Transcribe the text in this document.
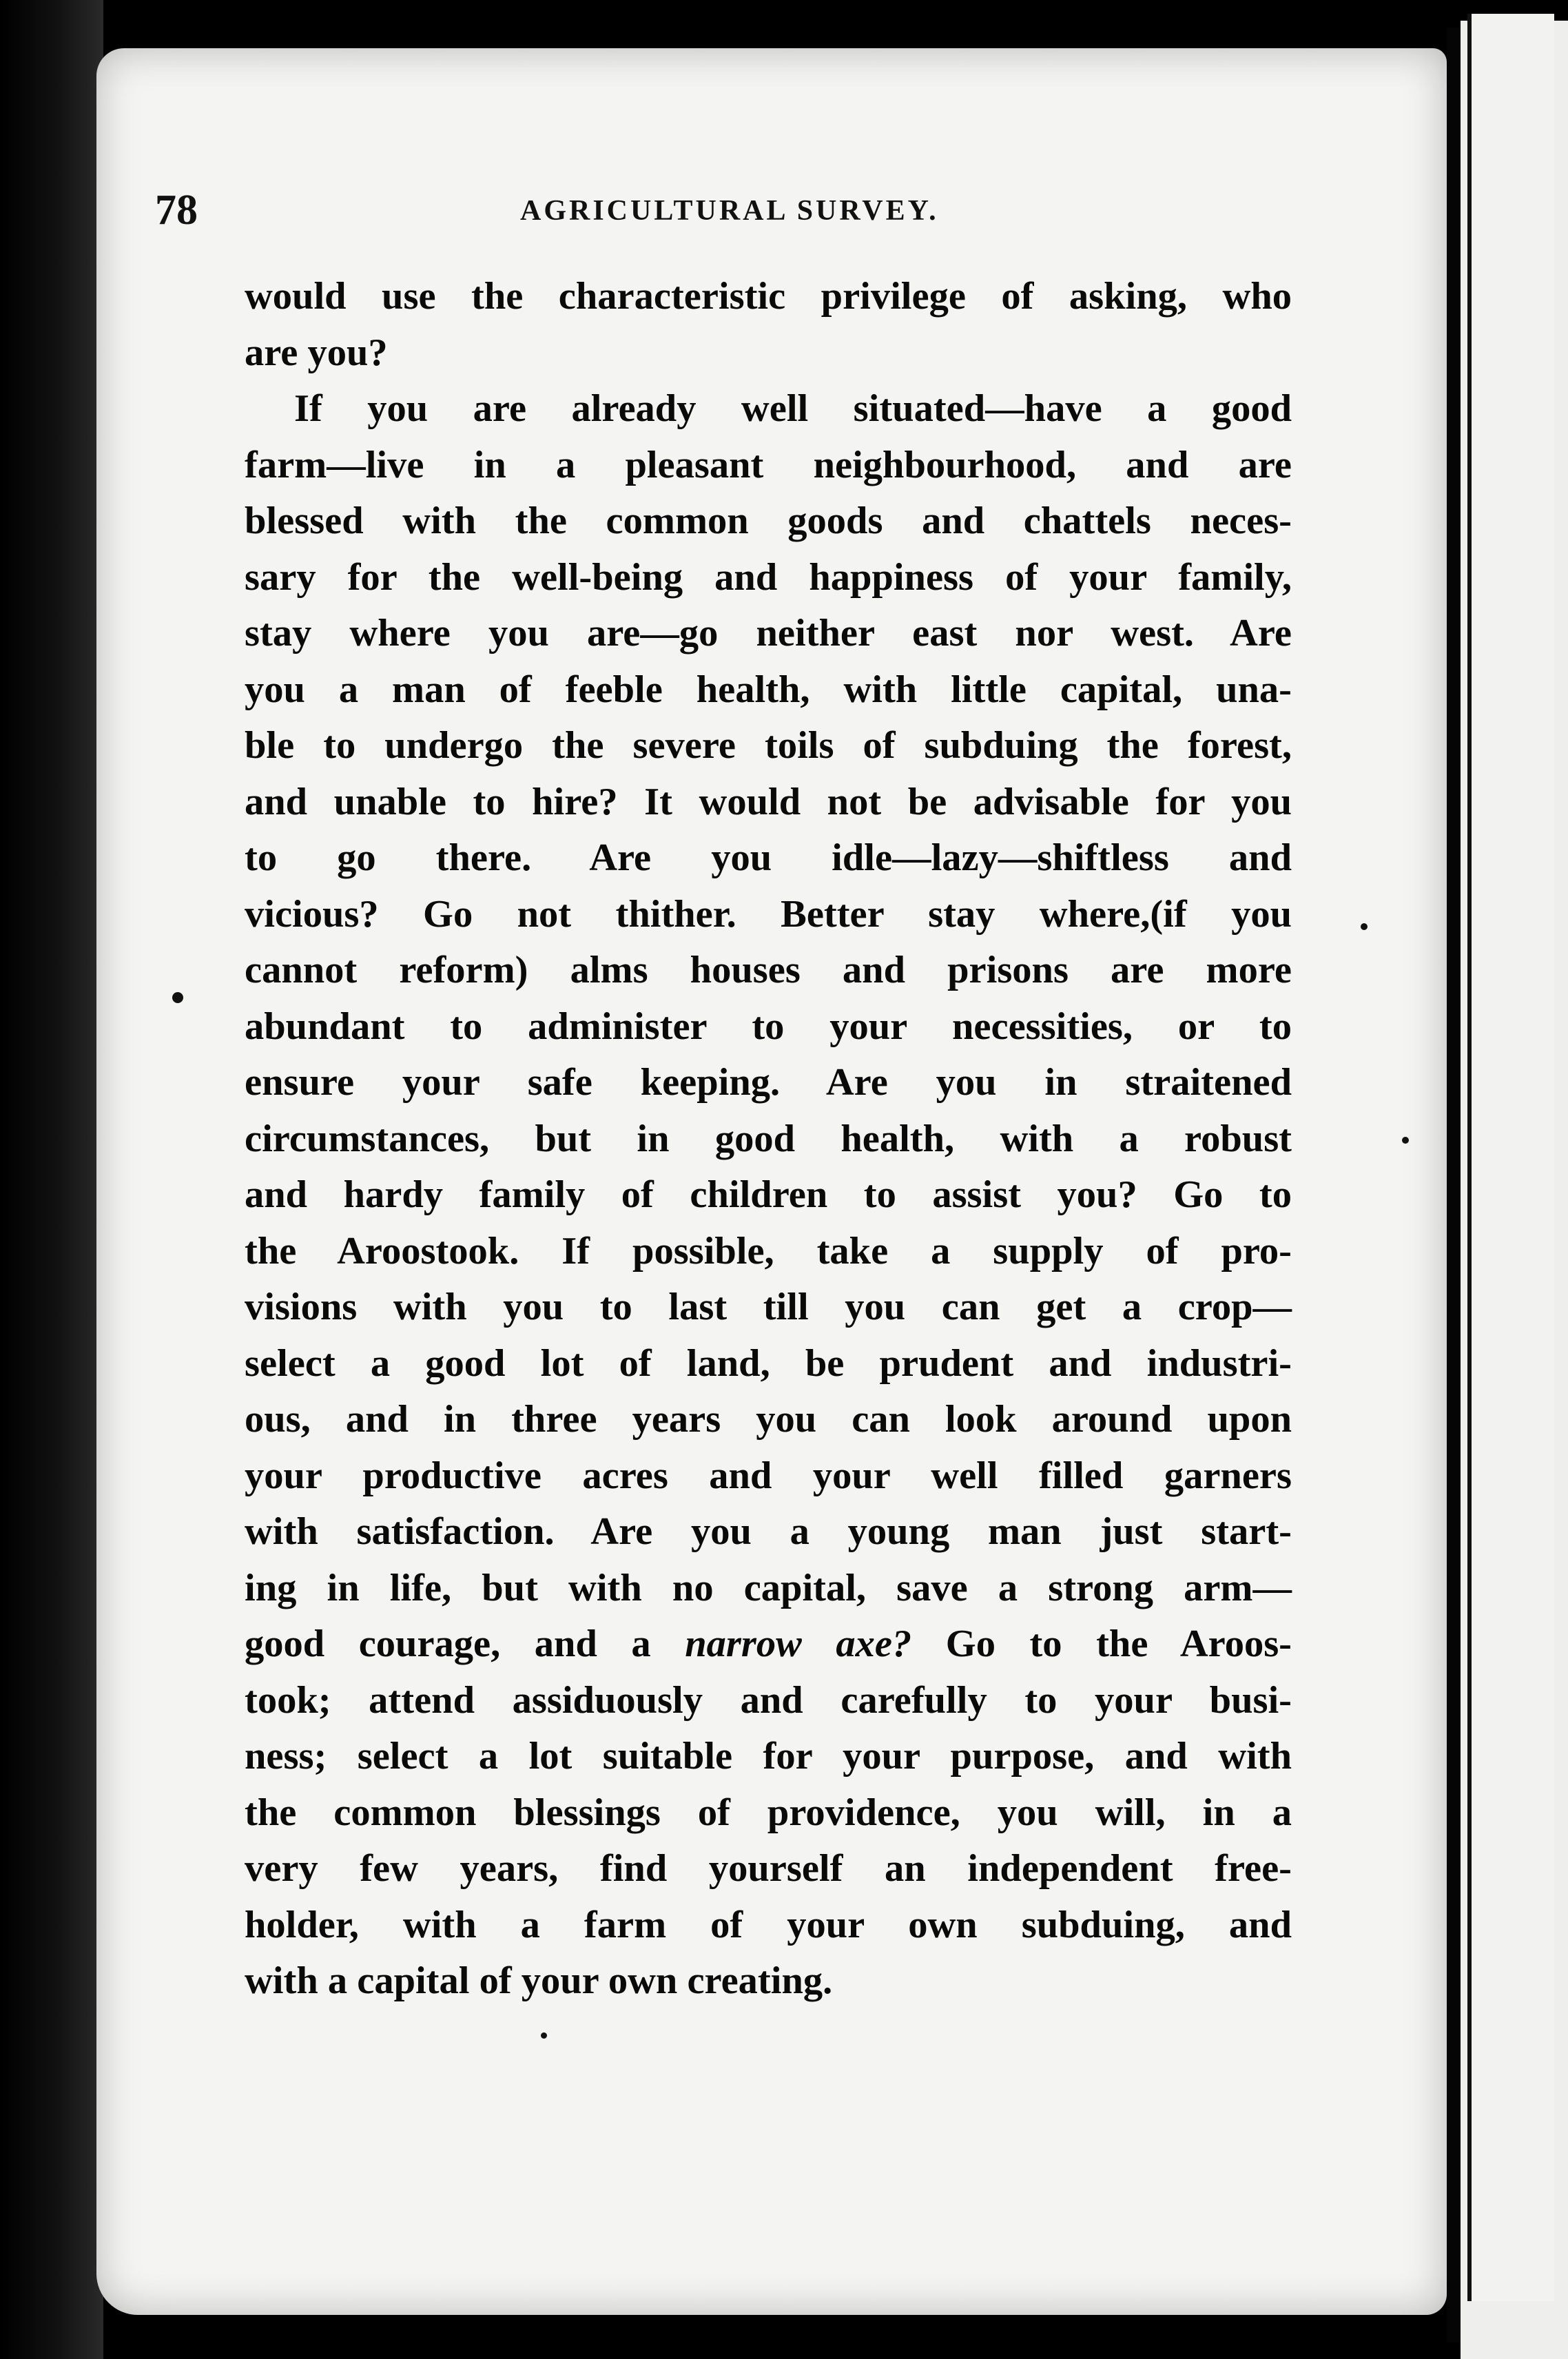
78	AGRICULTURAL SURVEY.
would use the characteristic privilege of asking, who
are you?
If you are already well situated—have a good
farm—live in a pleasant neighbourhood, and are
blessed with the common goods and chattels neces-
sary for the well-being and happiness of your family,
stay where you are—go neither east nor west. Are
you a man of feeble health, with little capital, una-
ble to undergo the severe toils of subduing the forest,
and unable to hire? It would not be advisable for you
to go there. Are you idle—lazy—shiftless and
vicious? Go not thither. Better stay where,(if you
cannot reform) alms houses and prisons are more
abundant to administer to your necessities, or to
ensure your safe keeping. Are you in straitened
circumstances, but in good health, with a robust
and hardy family of children to assist you? Go to
the Aroostook. If possible, take a supply of pro-
visions with you to last till you can get a crop—
select a good lot of land, be prudent and industri-
ous, and in three years you can look around upon
your productive acres and your well filled garners
with satisfaction. Are you a young man just start-
ing in life, but with no capital, save a strong arm—
good courage, and a narrow axe? Go to the Aroos-
took; attend assiduously and carefully to your busi-
ness; select a lot suitable for your purpose, and with
the common blessings of providence, you will, in a
very few years, find yourself an independent free-
holder, with a farm of your own subduing, and
with a capital of your own creating.
